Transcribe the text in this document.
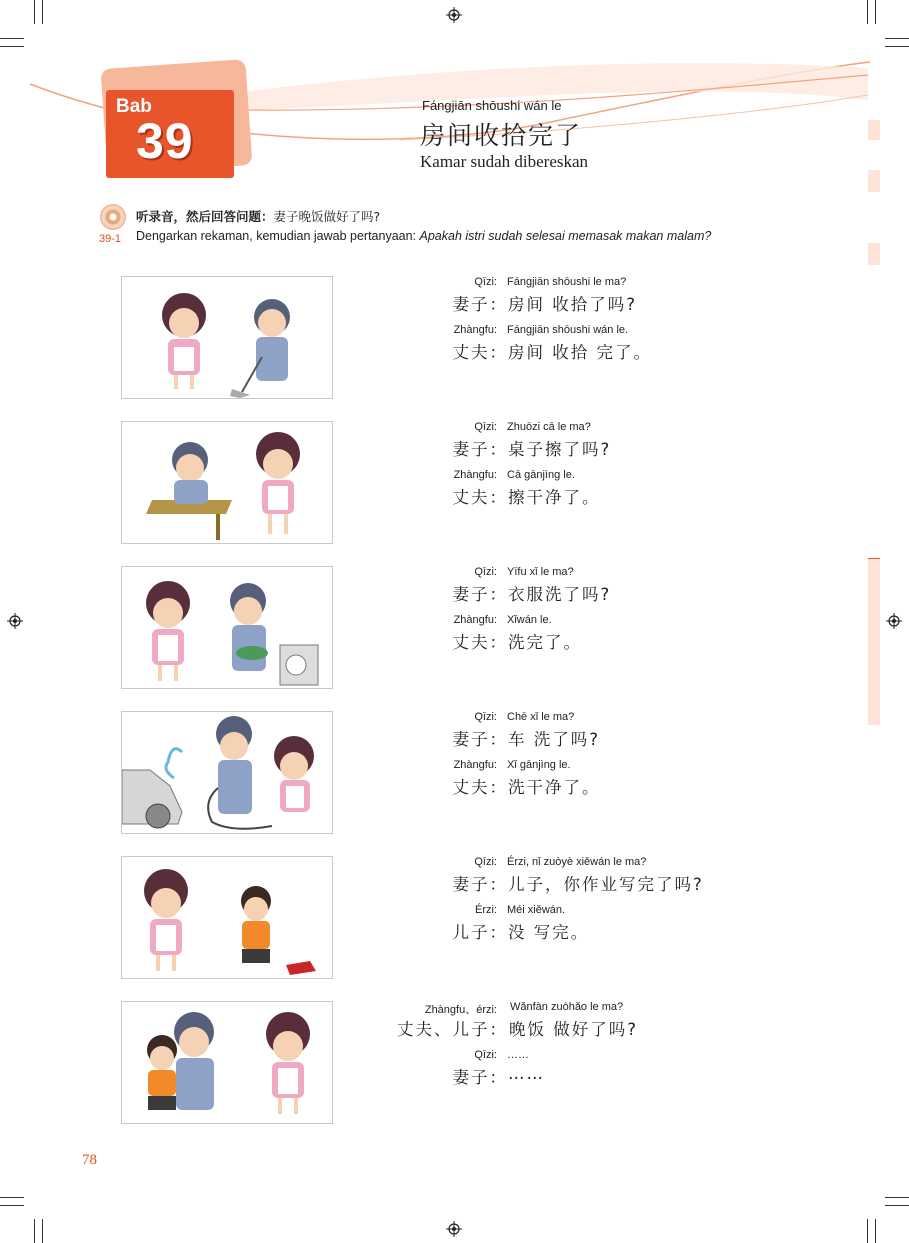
Bab
39
Fángjiān shōushi wán le
房间收拾完了
Kamar sudah dibereskan
39-1
听录音，然后回答问题：妻子晚饭做好了吗?
Dengarkan rekaman, kemudian jawab pertanyaan: Apakah istri sudah selesai memasak makan malam?
Qīzi: Fángjiān shōushi le ma?
妻子： 房间 收拾了吗?
Zhàngfu: Fángjiān shōushi wán le.
丈夫： 房间 收拾 完了。
Qīzi: Zhuōzi cā le ma?
妻子： 桌子擦了吗?
Zhàngfu: Cā gānjìng le.
丈夫： 擦干净了。
Qīzi: Yīfu xǐ le ma?
妻子： 衣服洗了吗?
Zhàngfu: Xǐwán le.
丈夫： 洗完了。
Qīzi: Chē xǐ le ma?
妻子： 车 洗了吗?
Zhàngfu: Xǐ gānjìng le.
丈夫： 洗干净了。
Qīzi: Érzi, nǐ zuòyè xiěwán le ma?
妻子： 儿子，你作业写完了吗?
Érzi: Méi xiěwán.
儿子： 没 写完。
Zhàngfu、érzi: Wǎnfàn zuòhǎo le ma?
丈夫、儿子： 晚饭 做好了吗?
Qīzi: ……
妻子： ……
78
